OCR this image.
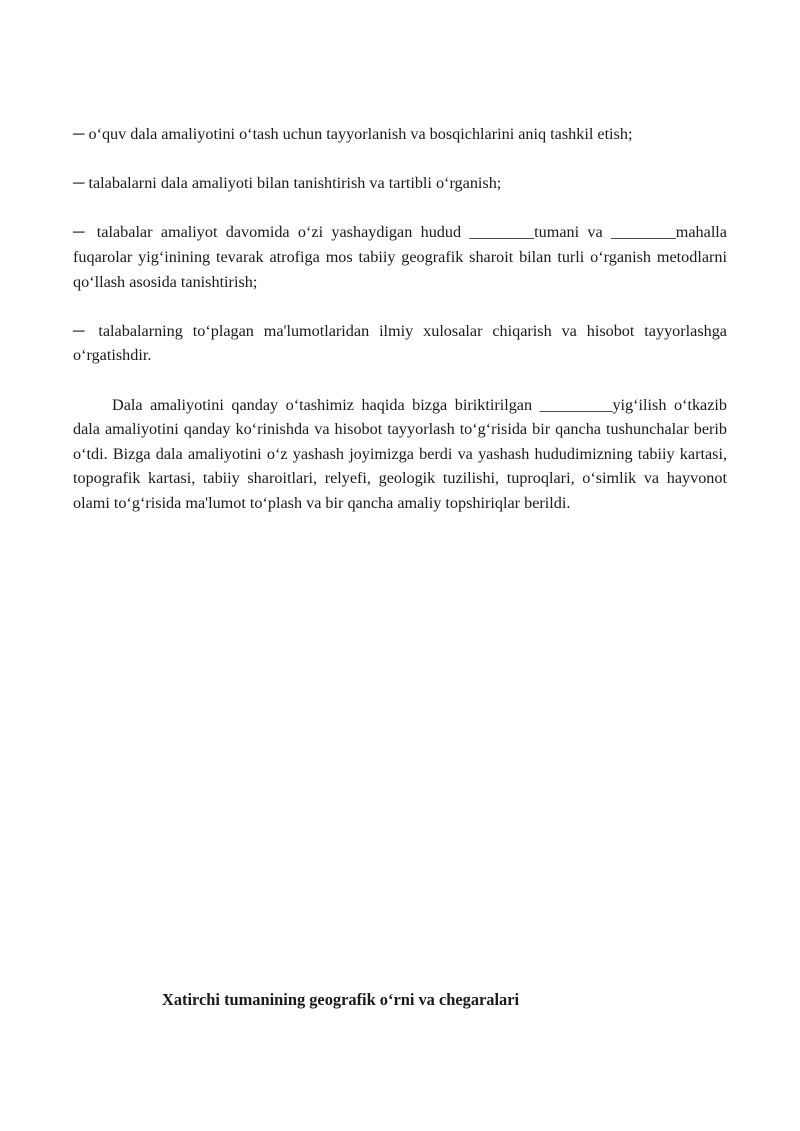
─ o‘quv dala amaliyotini o‘tash uchun tayyorlanish va bosqichlarini aniq tashkil etish;

─ talabalarni dala amaliyoti bilan tanishtirish va tartibli o‘rganish;

─ talabalar amaliyot davomida o‘zi yashaydigan hudud ________tumani va ________mahalla fuqarolar yig‘inining tevarak atrofiga mos tabiiy geografik sharoit bilan turli o‘rganish metodlarni qo‘llash asosida tanishtirish;

─ talabalarning to‘plagan ma'lumotlaridan ilmiy xulosalar chiqarish va hisobot tayyorlashga o‘rgatishdir.

Dala amaliyotini qanday o‘tashimiz haqida bizga biriktirilgan _________yig‘ilish o‘tkazib dala amaliyotini qanday ko‘rinishda va hisobot tayyorlash to‘g‘risida bir qancha tushunchalar berib o‘tdi. Bizga dala amaliyotini o‘z yashash joyimizga berdi va yashash hududimizning tabiiy kartasi, topografik kartasi, tabiiy sharoitlari, relyefi, geologik tuzilishi, tuproqlari, o‘simlik va hayvonot olami to‘g‘risida ma'lumot to‘plash va bir qancha amaliy topshiriqlar berildi.

Xatirchi tumanining geografik o‘rni va chegaralari
